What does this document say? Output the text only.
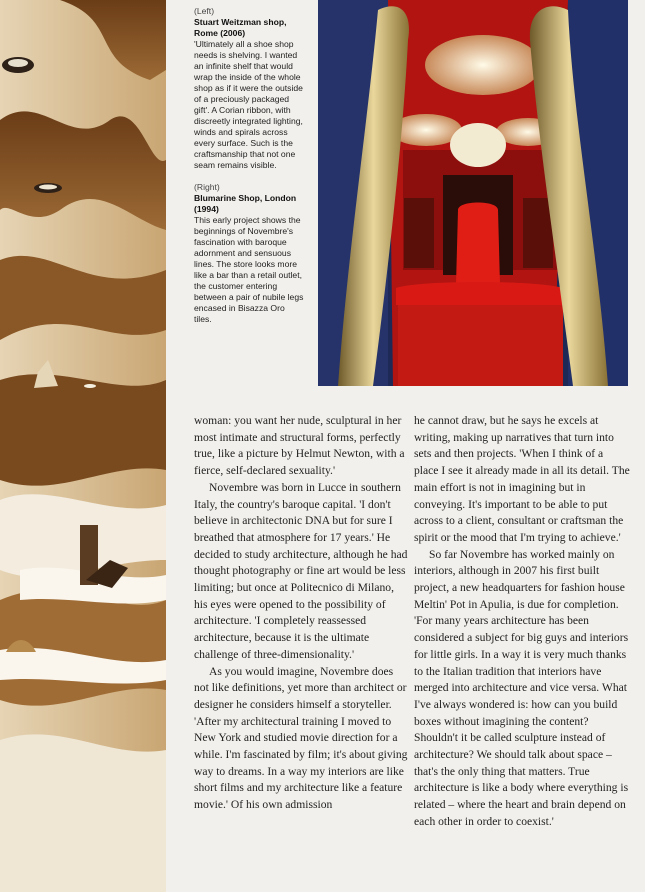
(Left)
Stuart Weitzman shop, Rome (2006)
'Ultimately all a shoe shop needs is shelving. I wanted an infinite shelf that would wrap the inside of the whole shop as if it were the outside of a preciously packaged gift'. A Corian ribbon, with discreetly integrated lighting, winds and spirals across every surface. Such is the craftsmanship that not one seam remains visible.

(Right)
Blumarine Shop, London (1994)
This early project shows the beginnings of Novembre's fascination with baroque adornment and sensuous lines. The store looks more like a bar than a retail outlet, the customer entering between a pair of nubile legs encased in Bisazza Oro tiles.

woman: you want her nude, sculptural in her most intimate and structural forms, perfectly true, like a picture by Helmut Newton, with a fierce, self-declared sexuality.'

Novembre was born in Lucce in southern Italy, the country's baroque capital. 'I don't believe in architectonic DNA but for sure I breathed that atmosphere for 17 years.' He decided to study architecture, although he had thought photography or fine art would be less limiting; but once at Politecnico di Milano, his eyes were opened to the possibility of architecture. 'I completely reassessed architecture, because it is the ultimate challenge of three-dimensionality.'

As you would imagine, Novembre does not like definitions, yet more than architect or designer he considers himself a storyteller. 'After my architectural training I moved to New York and studied movie direction for a while. I'm fascinated by film; it's about giving way to dreams. In a way my interiors are like short films and my architecture like a feature movie.' Of his own admission

he cannot draw, but he says he excels at writing, making up narratives that turn into sets and then projects. 'When I think of a place I see it already made in all its detail. The main effort is not in imagining but in conveying. It's important to be able to put across to a client, consultant or craftsman the spirit or the mood that I'm trying to achieve.'

So far Novembre has worked mainly on interiors, although in 2007 his first built project, a new headquarters for fashion house Meltin' Pot in Apulia, is due for completion. 'For many years architecture has been considered a subject for big guys and interiors for little girls. In a way it is very much thanks to the Italian tradition that interiors have merged into architecture and vice versa. What I've always wondered is: how can you build boxes without imagining the content? Shouldn't it be called sculpture instead of architecture? We should talk about space – that's the only thing that matters. True architecture is like a body where everything is related – where the heart and brain depend on each other in order to coexist.'
